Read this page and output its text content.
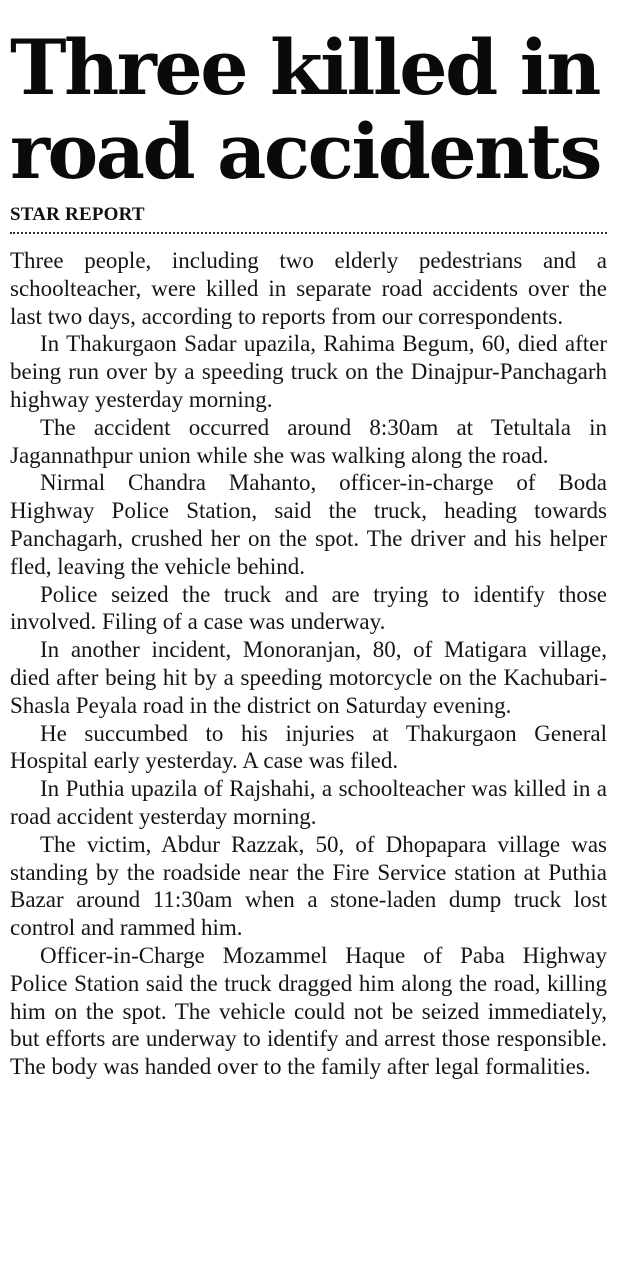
Three killed in road accidents
STAR REPORT

Three people, including two elderly pedestrians and a schoolteacher, were killed in separate road accidents over the last two days, according to reports from our correspondents.

In Thakurgaon Sadar upazila, Rahima Begum, 60, died after being run over by a speeding truck on the Dinajpur-Panchagarh highway yesterday morning.

The accident occurred around 8:30am at Tetultala in Jagannathpur union while she was walking along the road.

Nirmal Chandra Mahanto, officer-in-charge of Boda Highway Police Station, said the truck, heading towards Panchagarh, crushed her on the spot. The driver and his helper fled, leaving the vehicle behind.

Police seized the truck and are trying to identify those involved. Filing of a case was underway.

In another incident, Monoranjan, 80, of Matigara village, died after being hit by a speeding motorcycle on the Kachubari-Shasla Peyala road in the district on Saturday evening.

He succumbed to his injuries at Thakurgaon General Hospital early yesterday. A case was filed.

In Puthia upazila of Rajshahi, a schoolteacher was killed in a road accident yesterday morning.

The victim, Abdur Razzak, 50, of Dhopapara village was standing by the roadside near the Fire Service station at Puthia Bazar around 11:30am when a stone-laden dump truck lost control and rammed him.

Officer-in-Charge Mozammel Haque of Paba Highway Police Station said the truck dragged him along the road, killing him on the spot. The vehicle could not be seized immediately, but efforts are underway to identify and arrest those responsible. The body was handed over to the family after legal formalities.
